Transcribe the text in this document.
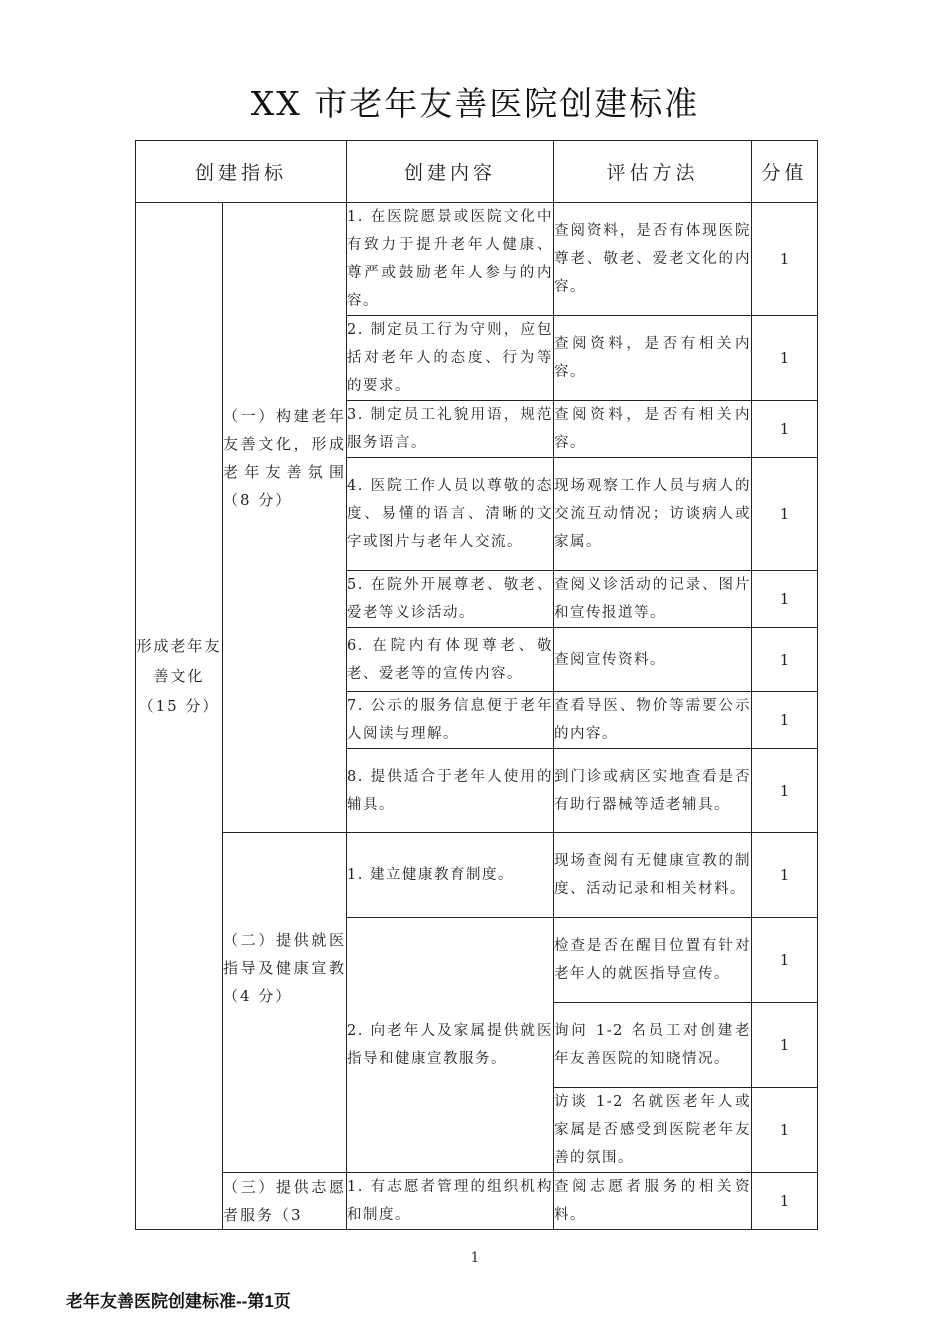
XX 市老年友善医院创建标准
创建指标		创建内容	评估方法	分值

形成老年友善文化（15 分）	（一）构建老年友善文化，形成老年友善氛围（8 分）	1. 在医院愿景或医院文化中有致力于提升老年人健康、尊严或鼓励老年人参与的内容。	查阅资料，是否有体现医院尊老、敬老、爱老文化的内容。	1
		2. 制定员工行为守则，应包括对老年人的态度、行为等的要求。	查阅资料，是否有相关内容。	1
		3. 制定员工礼貌用语，规范服务语言。	查阅资料，是否有相关内容。	1
		4. 医院工作人员以尊敬的态度、易懂的语言、清晰的文字或图片与老年人交流。	现场观察工作人员与病人的交流互动情况；访谈病人或家属。	1
		5. 在院外开展尊老、敬老、爱老等义诊活动。	查阅义诊活动的记录、图片和宣传报道等。	1
		6. 在院内有体现尊老、敬老、爱老等的宣传内容。	查阅宣传资料。	1
		7. 公示的服务信息便于老年人阅读与理解。	查看导医、物价等需要公示的内容。	1
		8. 提供适合于老年人使用的辅具。	到门诊或病区实地查看是否有助行器械等适老辅具。	1

	（二）提供就医指导及健康宣教（4 分）	1. 建立健康教育制度。	现场查阅有无健康宣教的制度、活动记录和相关材料。	1
		2. 向老年人及家属提供就医指导和健康宣教服务。	检查是否在醒目位置有针对老年人的就医指导宣传。	1
			询问 1-2 名员工对创建老年友善医院的知晓情况。	1
			访谈 1-2 名就医老年人或家属是否感受到医院老年友善的氛围。	1

	（三）提供志愿者服务（3	1. 有志愿者管理的组织机构和制度。	查阅志愿者服务的相关资料。	1
1
老年友善医院创建标准--第1页
